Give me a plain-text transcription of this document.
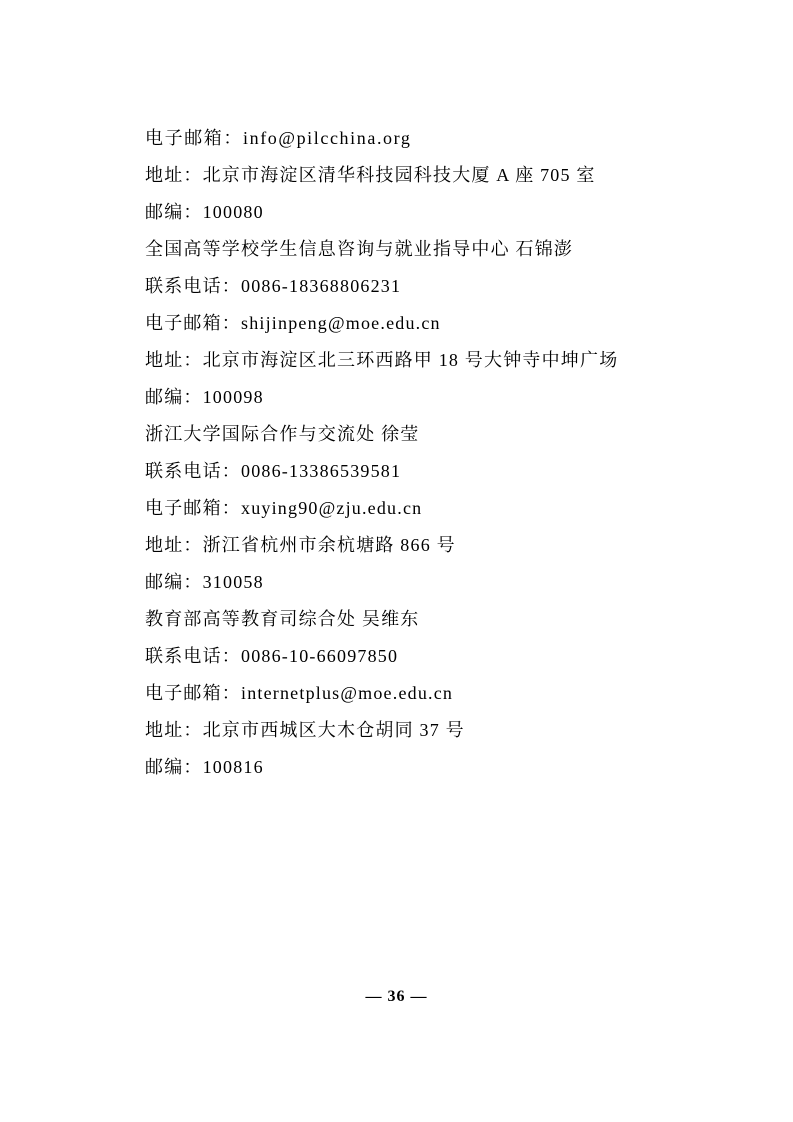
电子邮箱：info@pilcchina.org
地址：北京市海淀区清华科技园科技大厦 A 座 705 室
邮编：100080
全国高等学校学生信息咨询与就业指导中心 石锦澎
联系电话：0086-18368806231
电子邮箱：shijinpeng@moe.edu.cn
地址：北京市海淀区北三环西路甲 18 号大钟寺中坤广场
邮编：100098
浙江大学国际合作与交流处 徐莹
联系电话：0086-13386539581
电子邮箱：xuying90@zju.edu.cn
地址：浙江省杭州市余杭塘路 866 号
邮编：310058
教育部高等教育司综合处 吴维东
联系电话：0086-10-66097850
电子邮箱：internetplus@moe.edu.cn
地址：北京市西城区大木仓胡同 37 号
邮编：100816
— 36 —
